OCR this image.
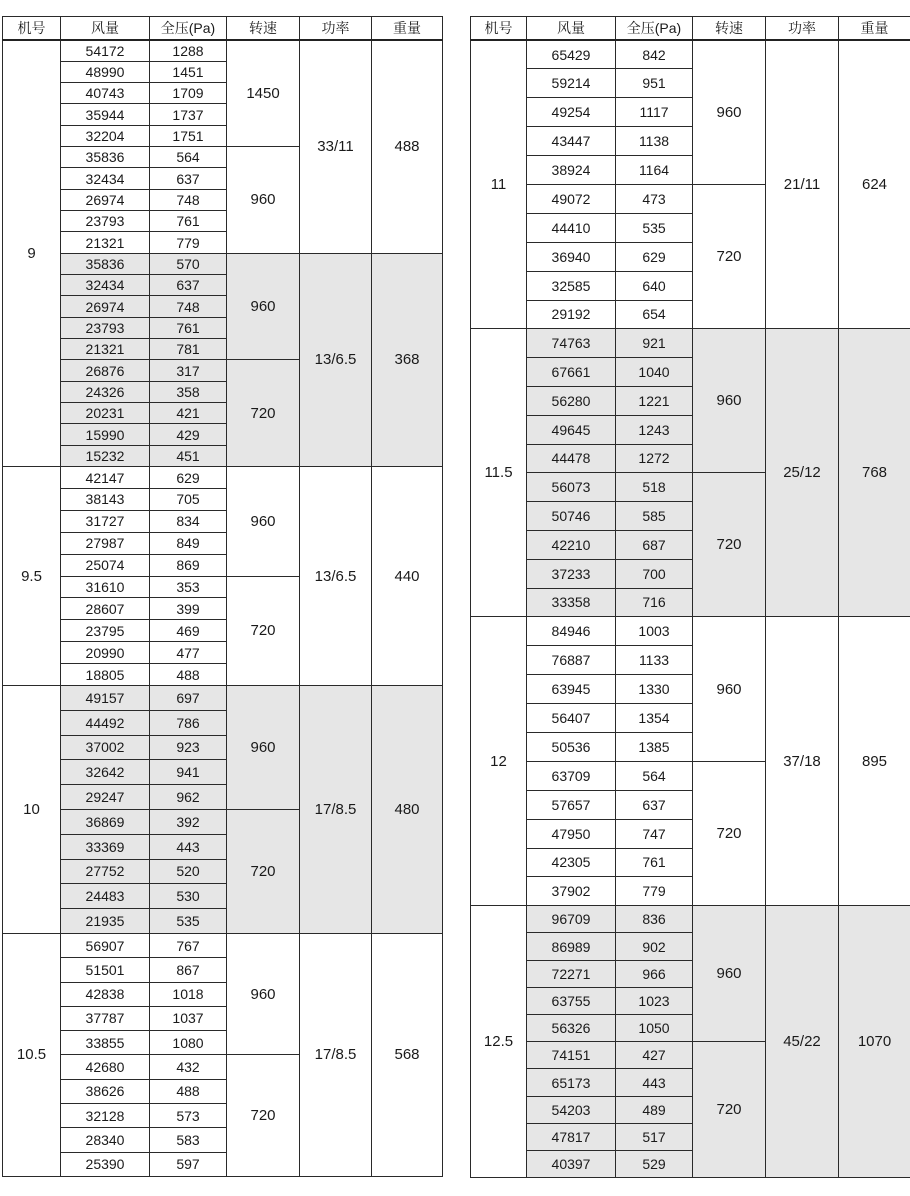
机号	风量	全压(Pa)	转速	功率	重量
9	54172	1288	1450	33/11	488
	48990	1451			
	40743	1709			
	35944	1737			
	32204	1751			
	35836	564	960		
	32434	637			
	26974	748			
	23793	761			
	21321	779			
	35836	570	960	13/6.5	368
	32434	637			
	26974	748			
	23793	761			
	21321	781			
	26876	317	720		
	24326	358			
	20231	421			
	15990	429			
	15232	451			
9.5	42147	629	960	13/6.5	440
	38143	705			
	31727	834			
	27987	849			
	25074	869			
	31610	353	720		
	28607	399			
	23795	469			
	20990	477			
	18805	488			
10	49157	697	960	17/8.5	480
	44492	786			
	37002	923			
	32642	941			
	29247	962			
	36869	392	720		
	33369	443			
	27752	520			
	24483	530			
	21935	535			
10.5	56907	767	960	17/8.5	568
	51501	867			
	42838	1018			
	37787	1037			
	33855	1080			
	42680	432	720		
	38626	488			
	32128	573			
	28340	583			
	25390	597			
机号	风量	全压(Pa)	转速	功率	重量
11	65429	842	960	21/11	624
	59214	951			
	49254	1117			
	43447	1138			
	38924	1164			
	49072	473	720		
	44410	535			
	36940	629			
	32585	640			
	29192	654			
11.5	74763	921	960	25/12	768
	67661	1040			
	56280	1221			
	49645	1243			
	44478	1272			
	56073	518	720		
	50746	585			
	42210	687			
	37233	700			
	33358	716			
12	84946	1003	960	37/18	895
	76887	1133			
	63945	1330			
	56407	1354			
	50536	1385			
	63709	564	720		
	57657	637			
	47950	747			
	42305	761			
	37902	779			
12.5	96709	836	960	45/22	1070
	86989	902			
	72271	966			
	63755	1023			
	56326	1050			
	74151	427	720		
	65173	443			
	54203	489			
	47817	517			
	40397	529			
